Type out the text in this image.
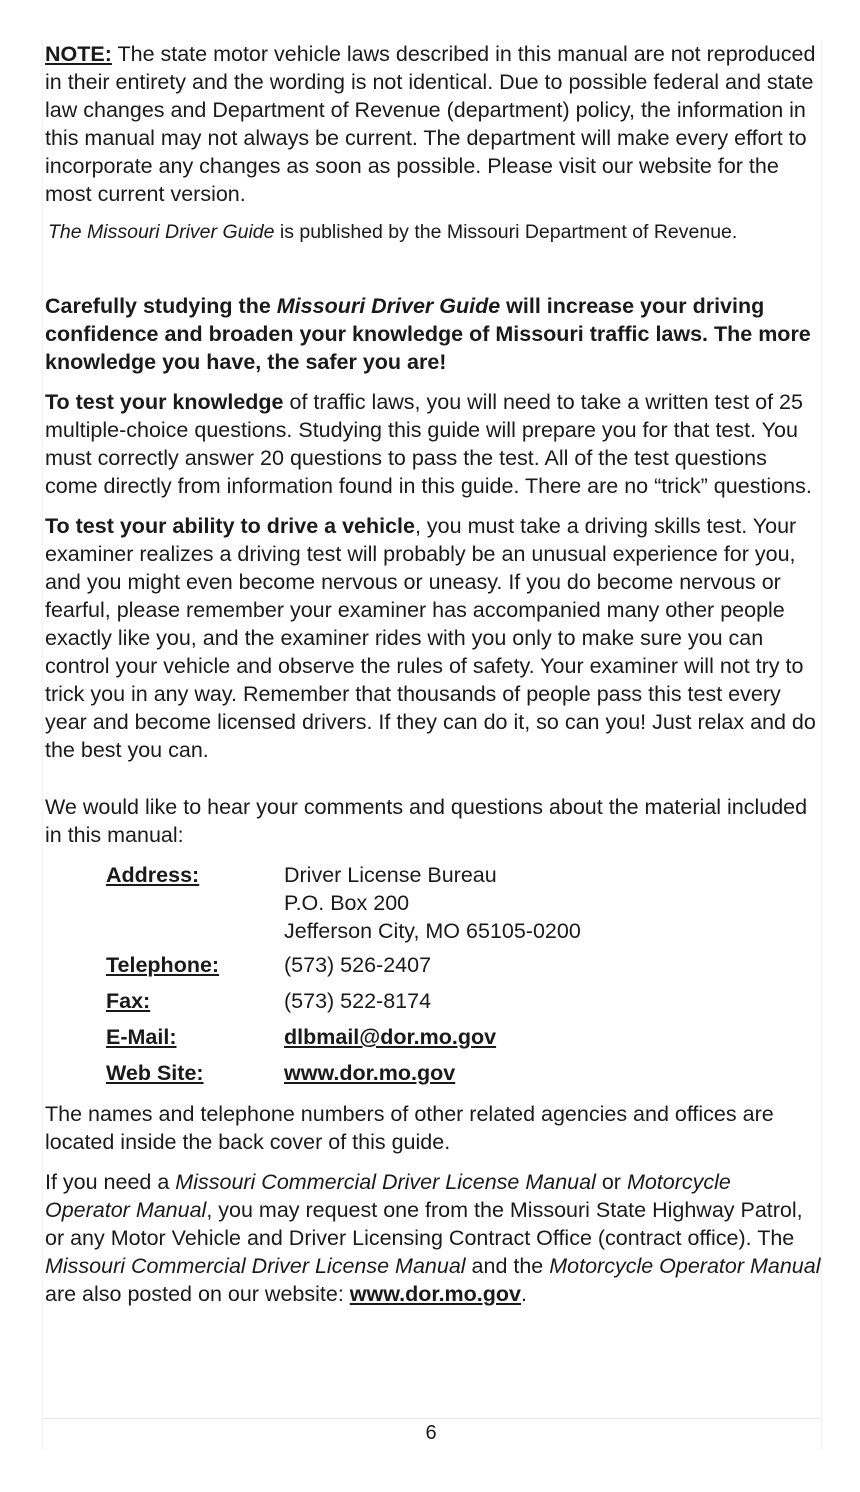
NOTE: The state motor vehicle laws described in this manual are not reproduced in their entirety and the wording is not identical. Due to possible federal and state law changes and Department of Revenue (department) policy, the information in this manual may not always be current. The department will make every effort to incorporate any changes as soon as possible. Please visit our website for the most current version.

The Missouri Driver Guide is published by the Missouri Department of Revenue.

Carefully studying the Missouri Driver Guide will increase your driving confidence and broaden your knowledge of Missouri traffic laws. The more knowledge you have, the safer you are!

To test your knowledge of traffic laws, you will need to take a written test of 25 multiple-choice questions. Studying this guide will prepare you for that test. You must correctly answer 20 questions to pass the test. All of the test questions come directly from information found in this guide. There are no “trick” questions.

To test your ability to drive a vehicle, you must take a driving skills test. Your examiner realizes a driving test will probably be an unusual experience for you, and you might even become nervous or uneasy. If you do become nervous or fearful, please remember your examiner has accompanied many other people exactly like you, and the examiner rides with you only to make sure you can control your vehicle and observe the rules of safety. Your examiner will not try to trick you in any way. Remember that thousands of people pass this test every year and become licensed drivers. If they can do it, so can you! Just relax and do the best you can.

We would like to hear your comments and questions about the material included in this manual:

Address:	Driver License Bureau
P.O. Box 200
Jefferson City, MO 65105-0200
Telephone:	(573) 526-2407
Fax:	(573) 522-8174
E-Mail:	dlbmail@dor.mo.gov
Web Site:	www.dor.mo.gov

The names and telephone numbers of other related agencies and offices are located inside the back cover of this guide.

If you need a Missouri Commercial Driver License Manual or Motorcycle Operator Manual, you may request one from the Missouri State Highway Patrol, or any Motor Vehicle and Driver Licensing Contract Office (contract office). The Missouri Commercial Driver License Manual and the Motorcycle Operator Manual are also posted on our website: www.dor.mo.gov.

6
